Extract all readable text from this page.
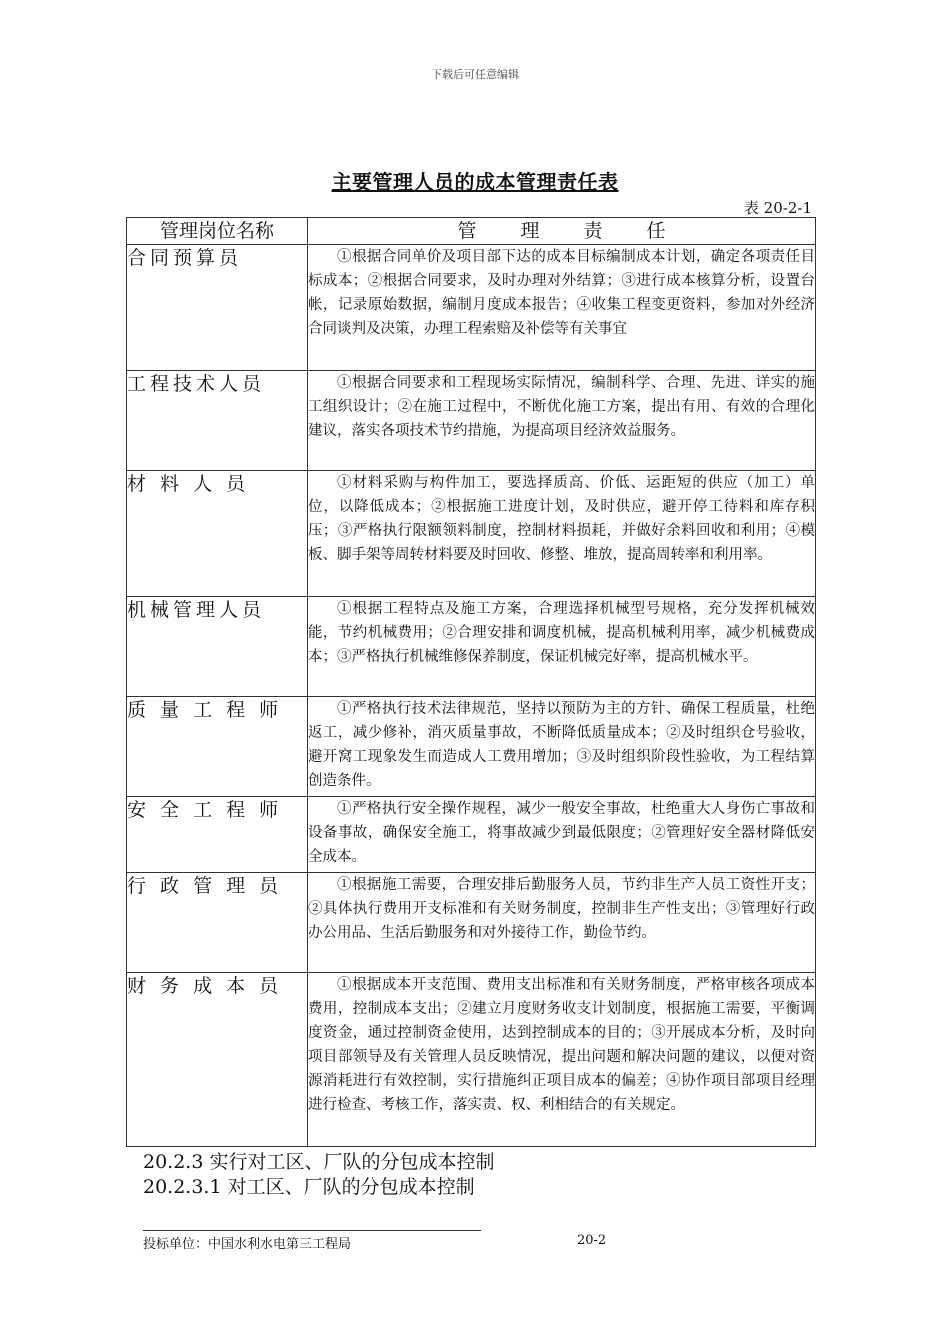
下载后可任意编辑
主要管理人员的成本管理责任表
表 20-2-1
管理岗位名称	管 理 责 任
合同预算员	①根据合同单价及项目部下达的成本目标编制成本计划，确定各项责任目标成本；②根据合同要求，及时办理对外结算；③进行成本核算分析，设置台帐，记录原始数据，编制月度成本报告；④收集工程变更资料，参加对外经济合同谈判及决策，办理工程索赔及补偿等有关事宜
工程技术人员	①根据合同要求和工程现场实际情况，编制科学、合理、先进、详实的施工组织设计；②在施工过程中，不断优化施工方案，提出有用、有效的合理化建议，落实各项技术节约措施，为提高项目经济效益服务。
材 料 人 员	①材料采购与构件加工，要选择质高、价低、运距短的供应（加工）单位，以降低成本；②根据施工进度计划，及时供应，避开停工待料和库存积压；③严格执行限额领料制度，控制材料损耗，并做好余料回收和利用；④模板、脚手架等周转材料要及时回收、修整、堆放，提高周转率和利用率。
机械管理人员	①根据工程特点及施工方案，合理选择机械型号规格，充分发挥机械效能，节约机械费用；②合理安排和调度机械，提高机械利用率，减少机械费成本；③严格执行机械维修保养制度，保证机械完好率，提高机械水平。
质 量 工 程 师	①严格执行技术法律规范，坚持以预防为主的方针、确保工程质量，杜绝返工，减少修补，消灭质量事故，不断降低质量成本；②及时组织仓号验收，避开窝工现象发生而造成人工费用增加；③及时组织阶段性验收，为工程结算创造条件。
安 全 工 程 师	①严格执行安全操作规程，减少一般安全事故，杜绝重大人身伤亡事故和设备事故，确保安全施工，将事故减少到最低限度；②管理好安全器材降低安全成本。
行 政 管 理 员	①根据施工需要，合理安排后勤服务人员，节约非生产人员工资性开支；②具体执行费用开支标准和有关财务制度，控制非生产性支出；③管理好行政办公用品、生活后勤服务和对外接待工作，勤俭节约。
财 务 成 本 员	①根据成本开支范围、费用支出标准和有关财务制度，严格审核各项成本费用，控制成本支出；②建立月度财务收支计划制度，根据施工需要，平衡调度资金，通过控制资金使用，达到控制成本的目的；③开展成本分析，及时向项目部领导及有关管理人员反映情况，提出问题和解决问题的建议，以便对资源消耗进行有效控制，实行措施纠正项目成本的偏差；④协作项目部项目经理进行检查、考核工作，落实责、权、利相结合的有关规定。
20.2.3 实行对工区、厂队的分包成本控制
20.2.3.1 对工区、厂队的分包成本控制
投标单位：中国水利水电第三工程局	20-2
